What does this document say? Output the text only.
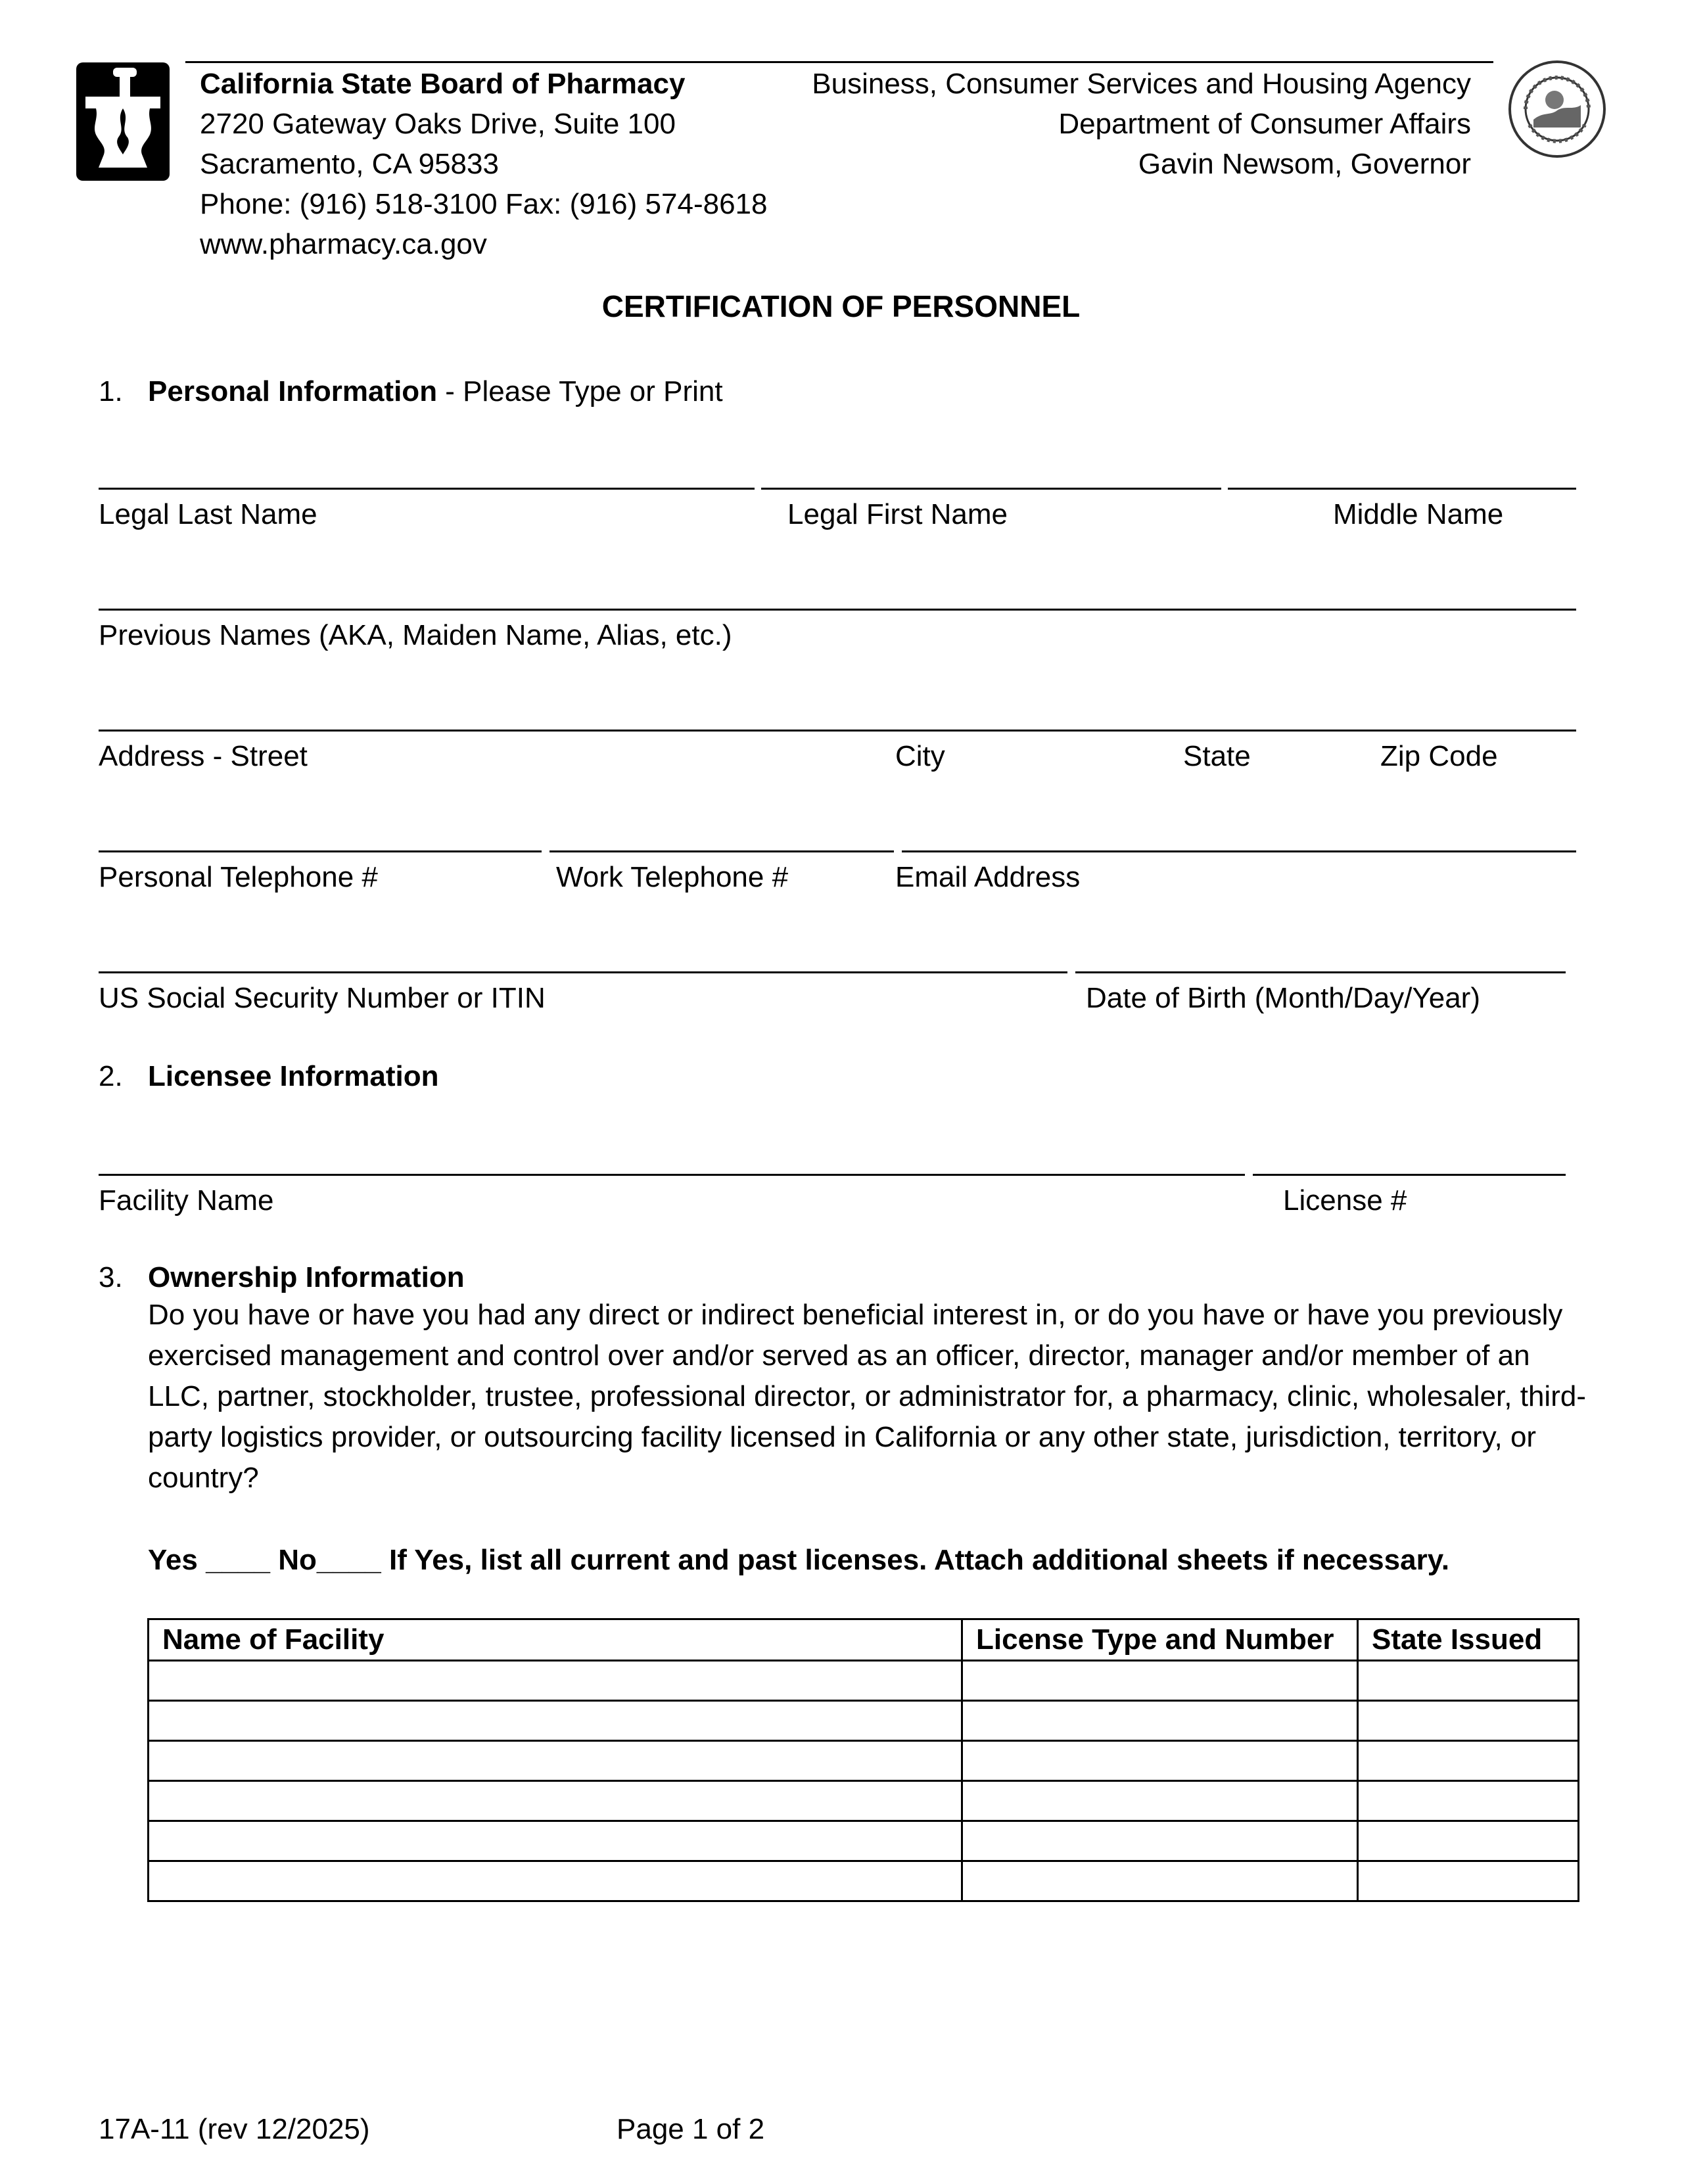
California State Board of Pharmacy
2720 Gateway Oaks Drive, Suite 100
Sacramento, CA 95833
Phone: (916) 518-3100 Fax: (916) 574-8618
www.pharmacy.ca.gov
Business, Consumer Services and Housing Agency
Department of Consumer Affairs
Gavin Newsom, Governor
CERTIFICATION OF PERSONNEL
1. Personal Information - Please Type or Print
Legal Last Name	Legal First Name	Middle Name
Previous Names (AKA, Maiden Name, Alias, etc.)
Address - Street	City	State	Zip Code
Personal Telephone #	Work Telephone #	Email Address
US Social Security Number or ITIN	Date of Birth (Month/Day/Year)
2. Licensee Information
Facility Name	License #
3. Ownership Information
Do you have or have you had any direct or indirect beneficial interest in, or do you have or have you previously exercised management and control over and/or served as an officer, director, manager and/or member of an LLC, partner, stockholder, trustee, professional director, or administrator for, a pharmacy, clinic, wholesaler, third-party logistics provider, or outsourcing facility licensed in California or any other state, jurisdiction, territory, or country?
Yes ____ No____ If Yes, list all current and past licenses. Attach additional sheets if necessary.
Name of Facility	License Type and Number	State Issued

17A-11 (rev 12/2025)	Page 1 of 2
